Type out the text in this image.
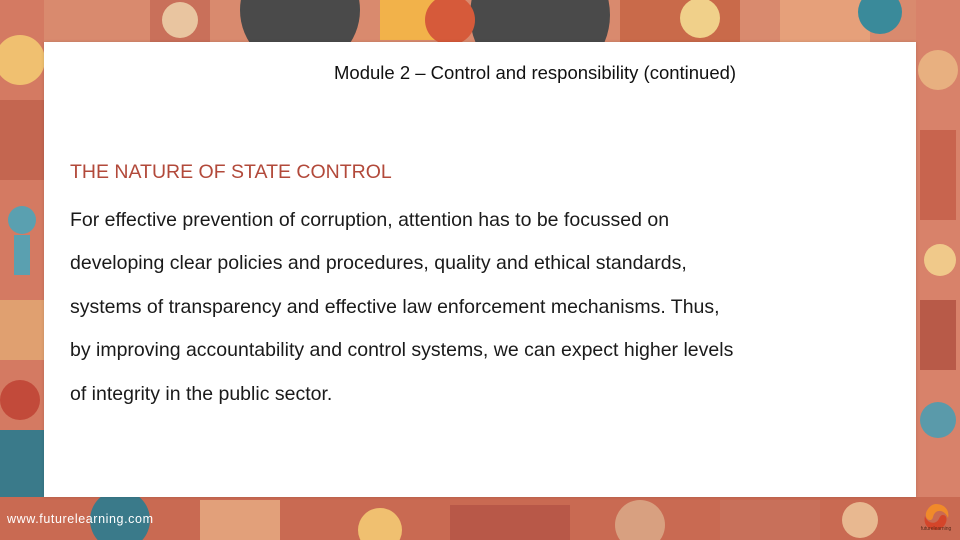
Module 2 – Control and responsibility (continued)
THE NATURE OF STATE CONTROL
For effective prevention of corruption, attention has to be focussed on
developing clear policies and procedures, quality and ethical standards,
systems of transparency and effective law enforcement mechanisms. Thus,
by improving accountability and control systems, we can expect higher levels
of integrity in the public sector.
www.futurelearning.com
futurelearning
